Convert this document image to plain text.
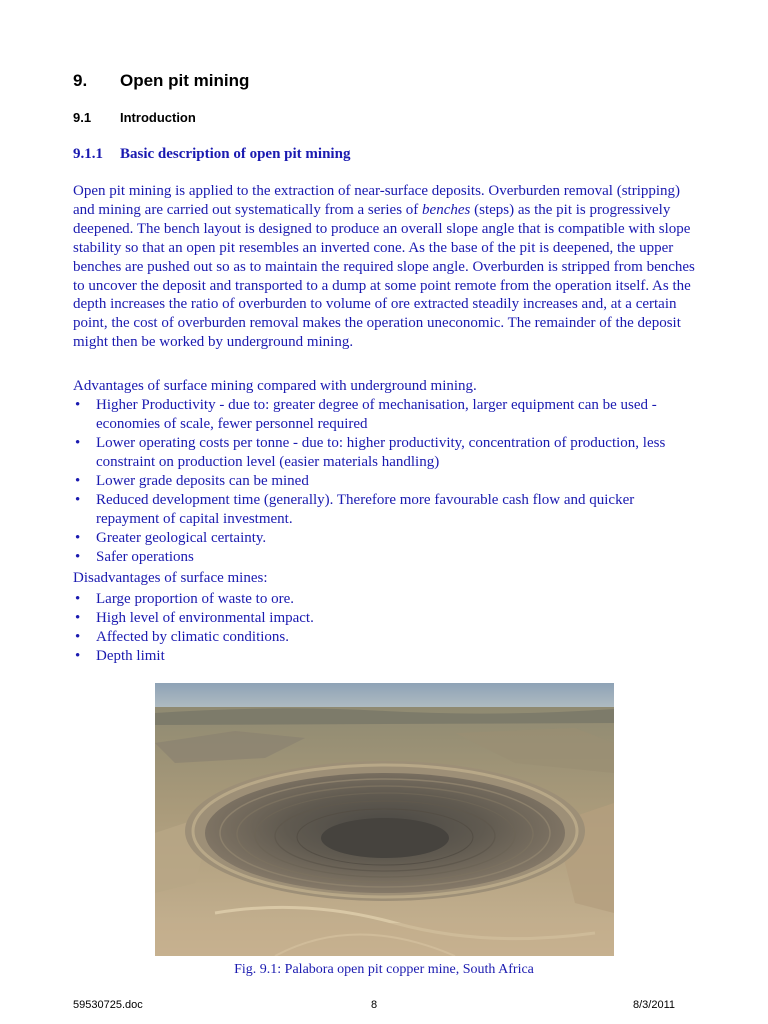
9. Open pit mining
9.1 Introduction
9.1.1 Basic description of open pit mining
Open pit mining is applied to the extraction of near-surface deposits. Overburden removal (stripping) and mining are carried out systematically from a series of benches (steps) as the pit is progressively deepened. The bench layout is designed to produce an overall slope angle that is compatible with slope stability so that an open pit resembles an inverted cone. As the base of the pit is deepened, the upper benches are pushed out so as to maintain the required slope angle. Overburden is stripped from benches to uncover the deposit and transported to a dump at some point remote from the operation itself. As the depth increases the ratio of overburden to volume of ore extracted steadily increases and, at a certain point, the cost of overburden removal makes the operation uneconomic. The remainder of the deposit might then be worked by underground mining.
Advantages of surface mining compared with underground mining.
• Higher Productivity - due to: greater degree of mechanisation, larger equipment can be used - economies of scale, fewer personnel required
• Lower operating costs per tonne - due to: higher productivity, concentration of production, less constraint on production level (easier materials handling)
• Lower grade deposits can be mined
• Reduced development time (generally). Therefore more favourable cash flow and quicker repayment of capital investment.
• Greater geological certainty.
• Safer operations
Disadvantages of surface mines:
• Large proportion of waste to ore.
• High level of environmental impact.
• Affected by climatic conditions.
• Depth limit
Fig. 9.1: Palabora open pit copper mine, South Africa
59530725.doc	8	8/3/2011
